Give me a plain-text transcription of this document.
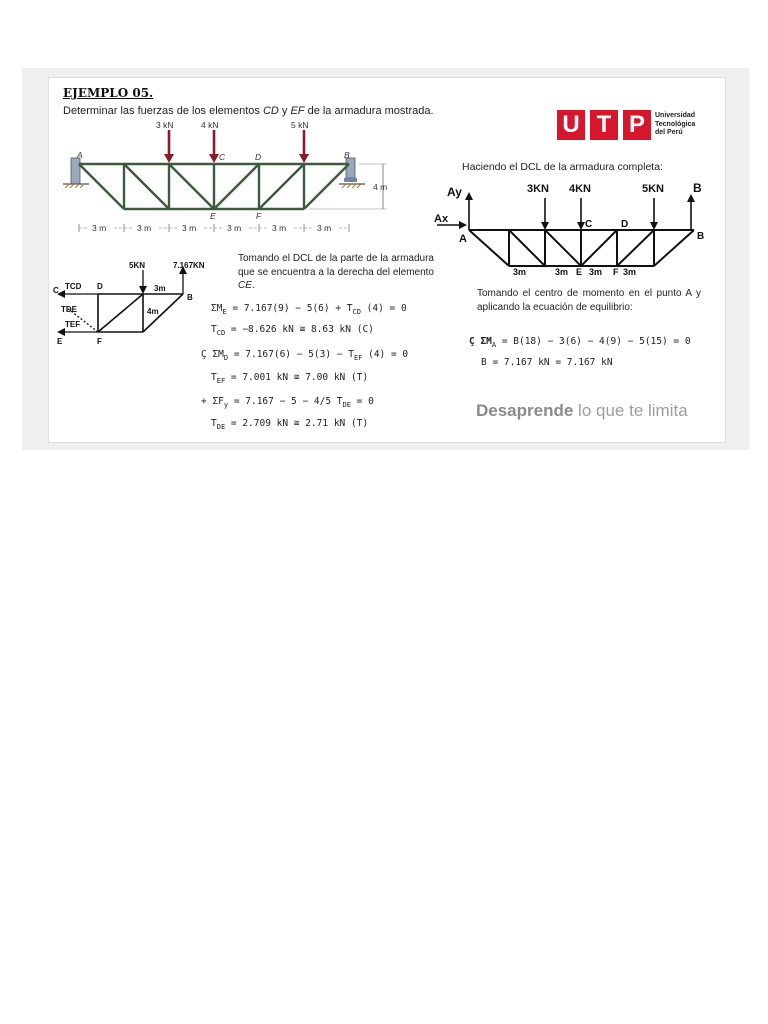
EJEMPLO 05.
Determinar las fuerzas de los elementos CD y EF de la armadura mostrada.	U T P	Universidad
Tecnológica
del Perú
3 kN	4 kN	5 kN
A	B
C	D
E	F
4 m
3 m	3 m	3 m	3 m	3 m	3 m
Haciendo el DCL de la armadura completa:
Ay	3KN 4KN	5KN B
Ax
A	B
C	D
E	F
3m	3m 3m 3m
Tomando el centro de momento en el punto A y aplicando la ecuación de equilibrio:
Ç $\Sigma M_A = B(18) - 3(6) - 4(9) - 5(15) = 0$
B = 7.167 kN = 7.167 kN
5KN	7.167KN
C TCD D
B
3m
4m
TDE
TEF
E	F
Tomando el DCL de la parte de la armadura que se encuentra a la derecha del elemento CE.
$\Sigma M_E = 7.167(9) - 5(6) + T_{CD}$ (4) = 0
$T_{CD} = -8.626$ kN ≅ 8.63 kN (C)
Ç $\Sigma M_D = 7.167(6) - 5(3) - T_{EF}$ (4) = 0
$T_{EF} = 7.001$ kN ≅ 7.00 kN (T)
+ $\Sigma F_y = 7.167 - 5 - 4/5$ $T_{DE} = 0$
$T_{DE} = 2.709$ kN ≅ 2.71 kN (T)
Desaprende lo que te limita
